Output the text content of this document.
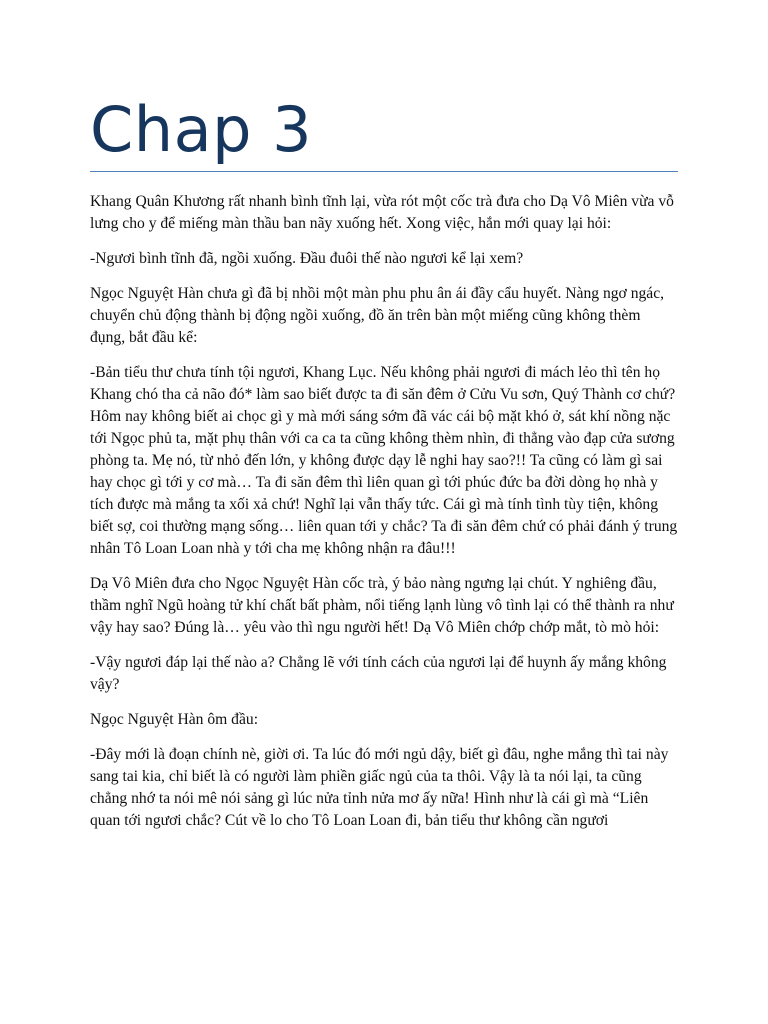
Chap 3

Khang Quân Khương rất nhanh bình tĩnh lại, vừa rót một cốc trà đưa cho Dạ Vô Miên vừa vỗ lưng cho y để miếng màn thầu ban nãy xuống hết. Xong việc, hắn mới quay lại hỏi:

-Ngươi bình tĩnh đã, ngồi xuống. Đầu đuôi thế nào ngươi kể lại xem?

Ngọc Nguyệt Hàn chưa gì đã bị nhồi một màn phu phu ân ái đầy cẩu huyết. Nàng ngơ ngác, chuyển chủ động thành bị động ngồi xuống, đồ ăn trên bàn một miếng cũng không thèm đụng, bắt đầu kể:

-Bản tiểu thư chưa tính tội ngươi, Khang Lục. Nếu không phải ngươi đi mách lẻo thì tên họ Khang chó tha cả não đó* làm sao biết được ta đi săn đêm ở Cửu Vu sơn, Quý Thành cơ chứ? Hôm nay không biết ai chọc gì y mà mới sáng sớm đã vác cái bộ mặt khó ở, sát khí nồng nặc tới Ngọc phủ ta, mặt phụ thân với ca ca ta cũng không thèm nhìn, đi thẳng vào đạp cửa sương phòng ta. Mẹ nó, từ nhỏ đến lớn, y không được dạy lễ nghi hay sao?!! Ta cũng có làm gì sai hay chọc gì tới y cơ mà… Ta đi săn đêm thì liên quan gì tới phúc đức ba đời dòng họ nhà y tích được mà mắng ta xối xả chứ! Nghĩ lại vẫn thấy tức. Cái gì mà tính tình tùy tiện, không biết sợ, coi thường mạng sống… liên quan tới y chắc? Ta đi săn đêm chứ có phải đánh ý trung nhân Tô Loan Loan nhà y tới cha mẹ không nhận ra đâu!!!

Dạ Vô Miên đưa cho Ngọc Nguyệt Hàn cốc trà, ý bảo nàng ngưng lại chút. Y nghiêng đầu, thầm nghĩ Ngũ hoàng tử khí chất bất phàm, nổi tiếng lạnh lùng vô tình lại có thể thành ra như vậy hay sao? Đúng là… yêu vào thì ngu người hết! Dạ Vô Miên chớp chớp mắt, tò mò hỏi:

-Vậy ngươi đáp lại thế nào a? Chẳng lẽ với tính cách của ngươi lại để huynh ấy mắng không vậy?

Ngọc Nguyệt Hàn ôm đầu:

-Đây mới là đoạn chính nè, giời ơi. Ta lúc đó mới ngủ dậy, biết gì đâu, nghe mắng thì tai này sang tai kia, chỉ biết là có người làm phiền giấc ngủ của ta thôi. Vậy là ta nói lại, ta cũng chẳng nhớ ta nói mê nói sảng gì lúc nửa tỉnh nửa mơ ấy nữa! Hình như là cái gì mà “Liên quan tới ngươi chắc? Cút về lo cho Tô Loan Loan đi, bản tiểu thư không cần ngươi
